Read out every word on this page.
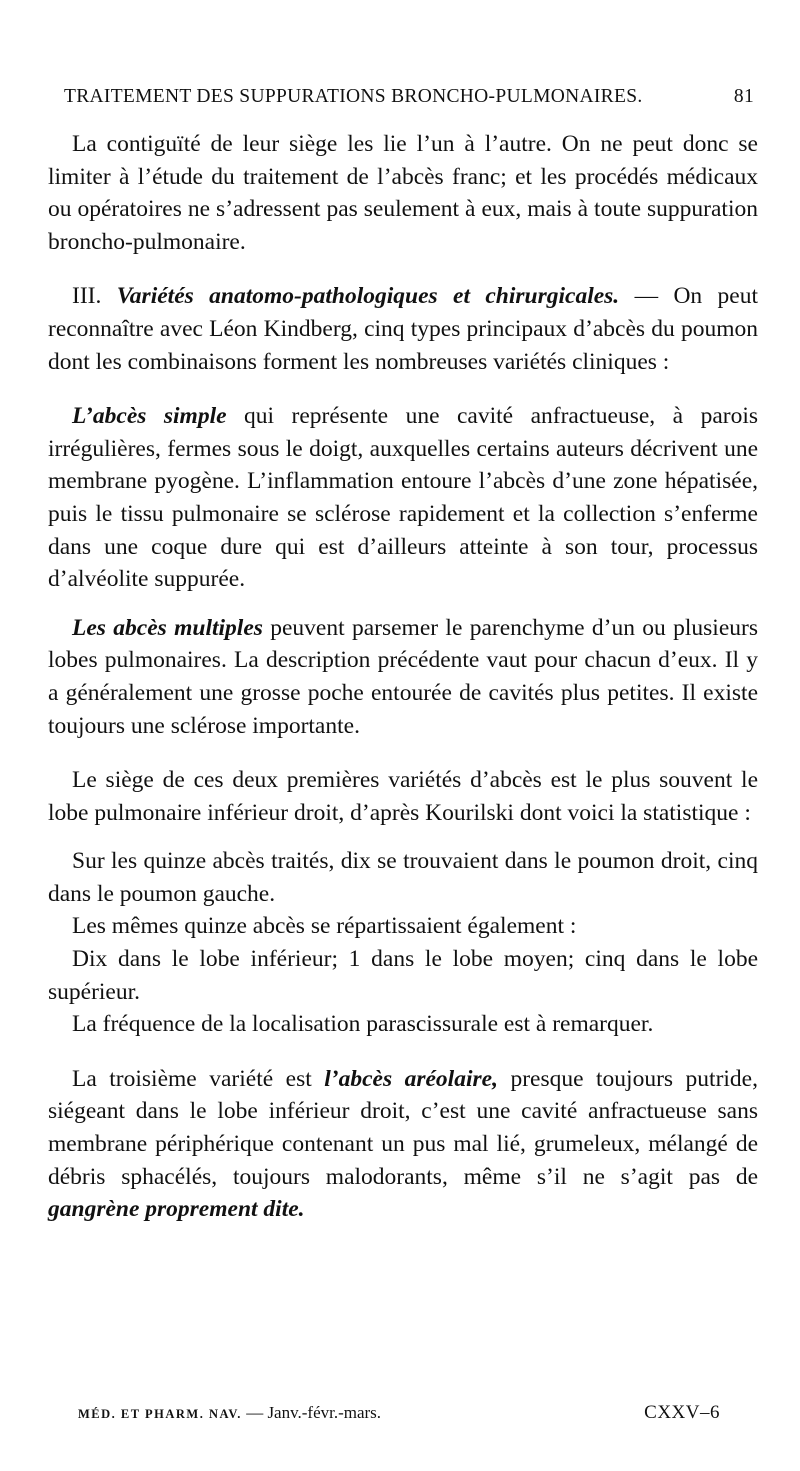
TRAITEMENT DES SUPPURATIONS BRONCHO-PULMONAIRES.	81

La contiguïté de leur siège les lie l’un à l’autre. On ne peut donc se limiter à l’étude du traitement de l’abcès franc; et les procédés médicaux ou opératoires ne s’adressent pas seulement à eux, mais à toute suppuration broncho-pulmonaire.

III. Variétés anatomo-pathologiques et chirurgicales. — On peut reconnaître avec Léon Kindberg, cinq types principaux d’abcès du poumon dont les combinaisons forment les nombreuses variétés cliniques :

L’abcès simple qui représente une cavité anfractueuse, à parois irrégulières, fermes sous le doigt, auxquelles certains auteurs décrivent une membrane pyogène. L’inflammation entoure l’abcès d’une zone hépatisée, puis le tissu pulmonaire se sclérose rapidement et la collection s’enferme dans une coque dure qui est d’ailleurs atteinte à son tour, processus d’alvéolite suppurée.

Les abcès multiples peuvent parsemer le parenchyme d’un ou plusieurs lobes pulmonaires. La description précédente vaut pour chacun d’eux. Il y a généralement une grosse poche entourée de cavités plus petites. Il existe toujours une sclérose importante.

Le siège de ces deux premières variétés d’abcès est le plus souvent le lobe pulmonaire inférieur droit, d’après Kourilski dont voici la statistique :

Sur les quinze abcès traités, dix se trouvaient dans le poumon droit, cinq dans le poumon gauche.

Les mêmes quinze abcès se répartissaient également :

Dix dans le lobe inférieur; 1 dans le lobe moyen; cinq dans le lobe supérieur.

La fréquence de la localisation parascissurale est à remarquer.

La troisième variété est l’abcès aréolaire, presque toujours putride, siégeant dans le lobe inférieur droit, c’est une cavité anfractueuse sans membrane périphérique contenant un pus mal lié, grumeleux, mélangé de débris sphacélés, toujours malodorants, même s’il ne s’agit pas de gangrène proprement dite.

MÉD. ET PHARM. NAV. — Janv.-févr.-mars.	CXXV–6
